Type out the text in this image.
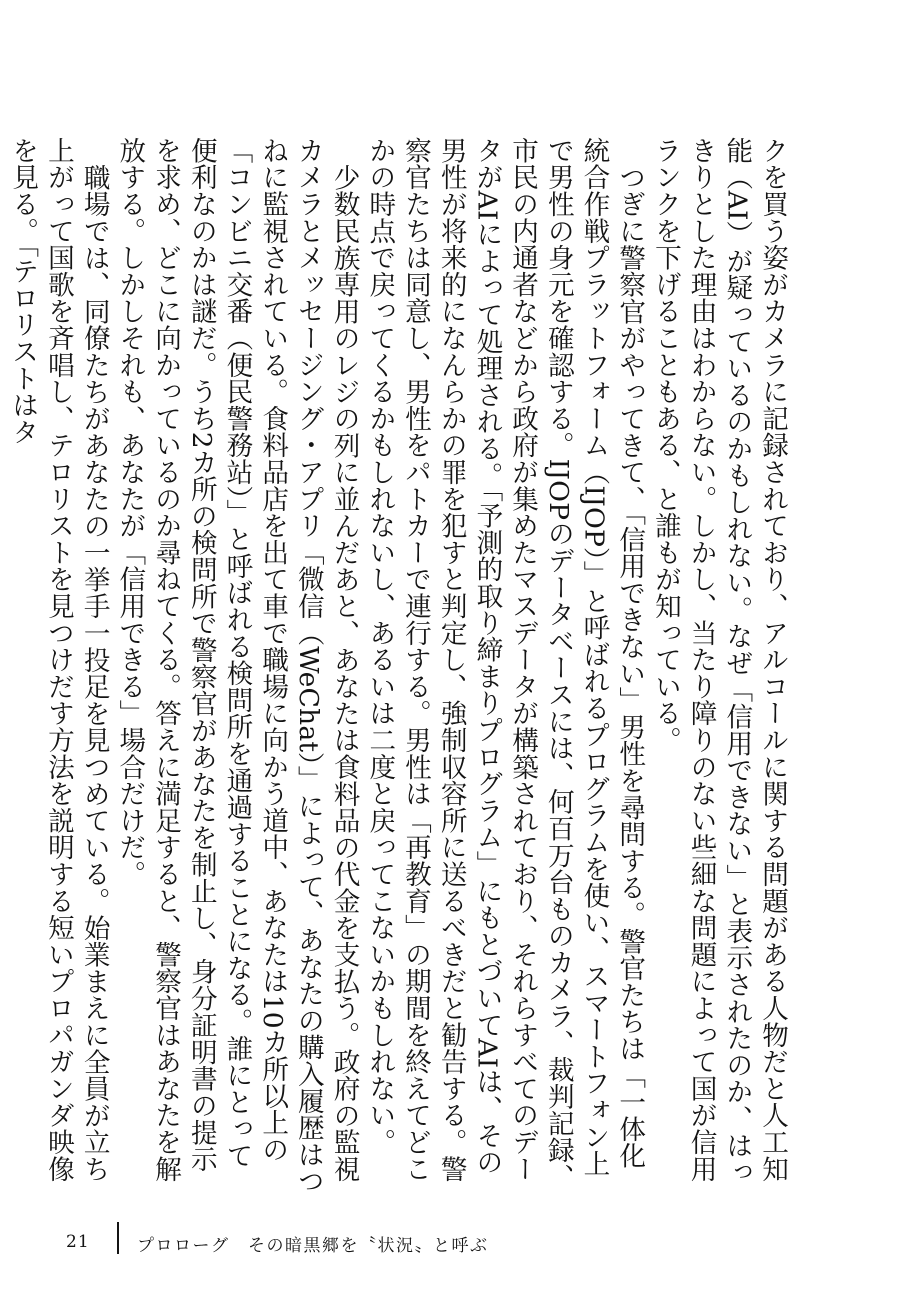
クを買う姿がカメラに記録されており、アルコールに関する問題がある人物だと人工知能（AI）が疑っているのかもしれない。なぜ「信用できない」と表示されたのか、はっきりとした理由はわからない。しかし、当たり障りのない些細な問題によって国が信用ランクを下げることもある、と誰もが知っている。

つぎに警察官がやってきて、「信用できない」男性を尋問する。警官たちは「一体化統合作戦プラットフォーム（IJOP）」と呼ばれるプログラムを使い、スマートフォン上で男性の身元を確認する。IJOPのデータベースには、何百万台ものカメラ、裁判記録、市民の内通者などから政府が集めたマスデータが構築されており、それらすべてのデータがAIによって処理される。「予測的取り締まりプログラム」にもとづいてAIは、その男性が将来的になんらかの罪を犯すと判定し、強制収容所に送るべきだと勧告する。警察官たちは同意し、男性をパトカーで連行する。男性は「再教育」の期間を終えてどこかの時点で戻ってくるかもしれないし、あるいは二度と戻ってこないかもしれない。

少数民族専用のレジの列に並んだあと、あなたは食料品の代金を支払う。政府の監視カメラとメッセージング・アプリ「微信（WeChat）」によって、あなたの購入履歴はつねに監視されている。食料品店を出て車で職場に向かう道中、あなたは10カ所以上の「コンビニ交番（便民警務站）」と呼ばれる検問所を通過することになる。誰にとって便利なのかは謎だ。うち2カ所の検問所で警察官があなたを制止し、身分証明書の提示を求め、どこに向かっているのか尋ねてくる。答えに満足すると、警察官はあなたを解放する。しかしそれも、あなたが「信用できる」場合だけだ。

職場では、同僚たちがあなたの一挙手一投足を見つめている。始業まえに全員が立ち上がって国歌を斉唱し、テロリストを見つけだす方法を説明する短いプロパガンダ映像を見る。「テロリストはタ

21	プロローグ　その暗黒郷を〝状況〟と呼ぶ
